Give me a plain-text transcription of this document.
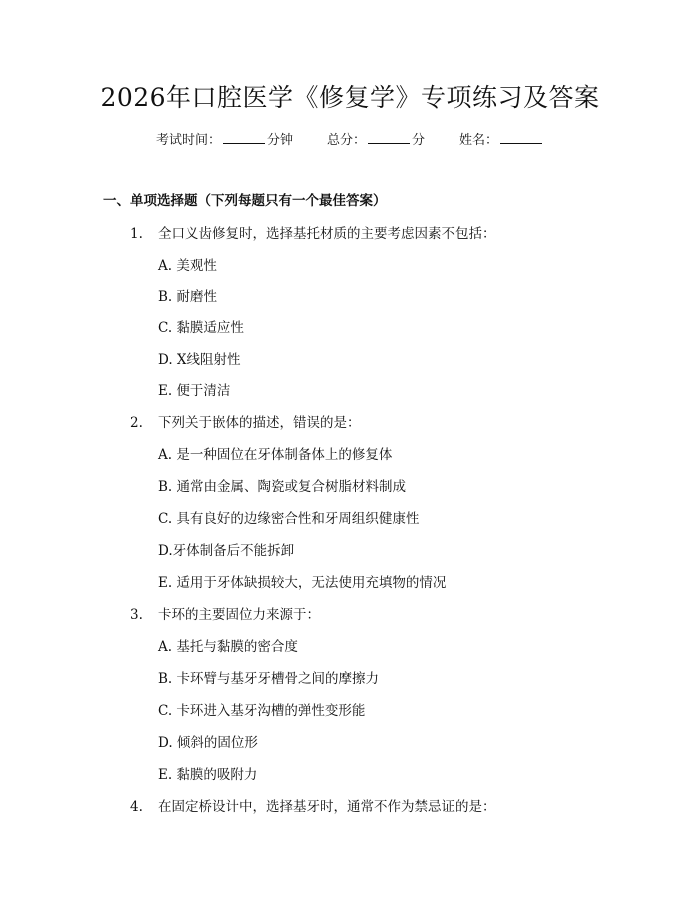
2026年口腔医学《修复学》专项练习及答案
考试时间：	分钟	总分：	分	姓名：
一、单项选择题（下列每题只有一个最佳答案）
1. 全口义齿修复时，选择基托材质的主要考虑因素不包括：
A. 美观性
B. 耐磨性
C. 黏膜适应性
D. X线阻射性
E. 便于清洁
2. 下列关于嵌体的描述，错误的是：
A. 是一种固位在牙体制备体上的修复体
B. 通常由金属、陶瓷或复合树脂材料制成
C. 具有良好的边缘密合性和牙周组织健康性
D.牙体制备后不能拆卸
E. 适用于牙体缺损较大，无法使用充填物的情况
3. 卡环的主要固位力来源于：
A. 基托与黏膜的密合度
B. 卡环臂与基牙牙槽骨之间的摩擦力
C. 卡环进入基牙沟槽的弹性变形能
D. 倾斜的固位形
E. 黏膜的吸附力
4. 在固定桥设计中，选择基牙时，通常不作为禁忌证的是：
